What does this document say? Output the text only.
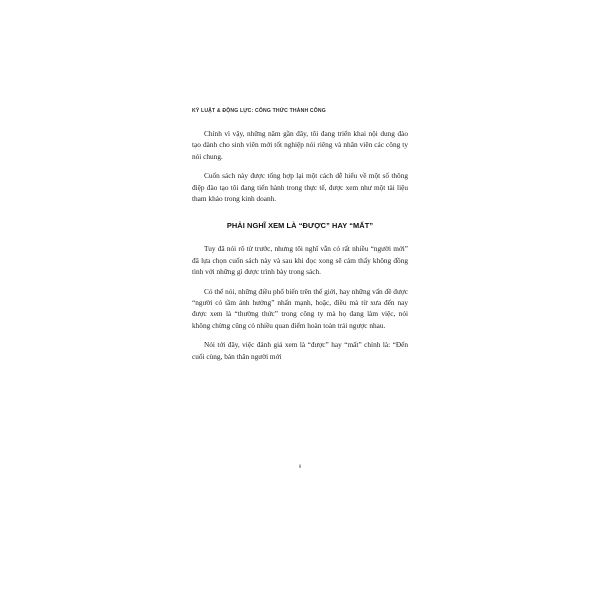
KỶ LUẬT & ĐỘNG LỰC: CÔNG THỨC THÀNH CÔNG

Chính vì vậy, những năm gần đây, tôi đang triển khai nội dung đào tạo dành cho sinh viên mới tốt nghiệp nói riêng và nhân viên các công ty nói chung.

Cuốn sách này được tổng hợp lại một cách dễ hiểu về một số thông điệp đào tạo tôi đang tiến hành trong thực tế, được xem như một tài liệu tham khảo trong kinh doanh.

PHẢI NGHĨ XEM LÀ “ĐƯỢC” HAY “MẤT”

Tuy đã nói rõ từ trước, nhưng tôi nghĩ vẫn có rất nhiều “người mới” đã lựa chọn cuốn sách này và sau khi đọc xong sẽ cảm thấy không đồng tình với những gì được trình bày trong sách.

Có thể nói, những điều phổ biến trên thế giới, hay những vấn đề được “người có tầm ảnh hưởng” nhấn mạnh, hoặc, điều mà từ xưa đến nay được xem là “thường thức” trong công ty mà họ đang làm việc, nói không chừng cũng có nhiều quan điểm hoàn toàn trái ngược nhau.

Nói tới đây, việc đánh giá xem là “được” hay “mất” chính là: “Đến cuối cùng, bản thân người mới

8
